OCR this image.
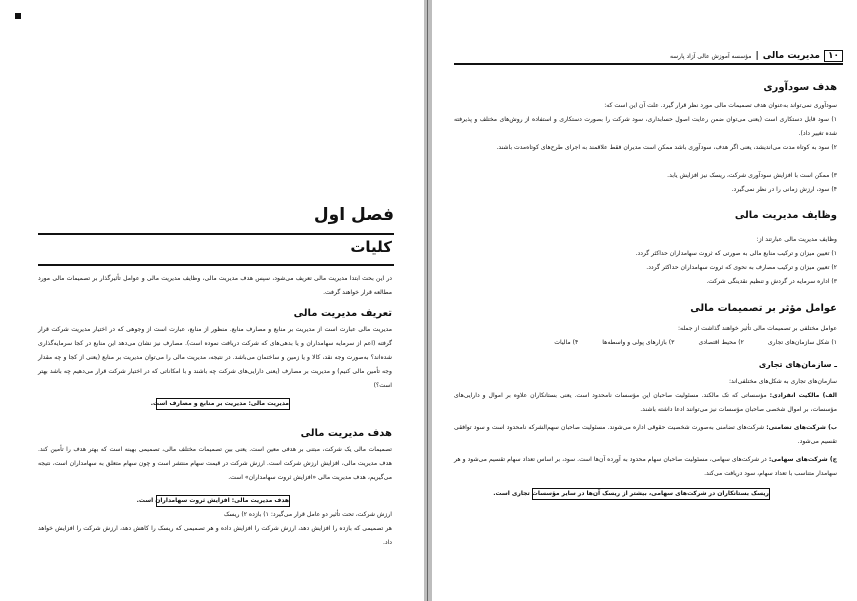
فصل اول
کلیات
در این بحث ابتدا مدیریت مالی تعریف می‌شود، سپس هدف مدیریت مالی، وظایف مدیریت مالی و عوامل تأثیرگذار بر تصمیمات مالی مورد مطالعه قرار خواهند گرفت.
تعریف مدیریت مالی
مدیریت مالی عبارت است از مدیریت بر منابع و مصارف منابع. منظور از منابع، عبارت است از وجوهی که در اختیار مدیریت شرکت قرار گرفته (اعم از سرمایه سهامداران و یا بدهی‌های که شرکت دریافت نموده است). مصارف نیز نشان می‌دهد این منابع در کجا سرمایه‌گذاری شده‌اند؟ به‌صورت وجه نقد، کالا و یا زمین و ساختمان می‌باشد. در نتیجه، مدیریت مالی را می‌توان مدیریت بر منابع (یعنی از کجا و چه مقدار وجه تأمین مالی کنیم) و مدیریت بر مصارف (یعنی دارایی‌های شرکت چه باشند و با امکاناتی که در اختیار شرکت قرار می‌دهیم چه باشد بهتر است؟)
مدیریت مالی: مدیریت بر منابع و مصارف است.
هدف مدیریت مالی
تصمیمات مالی یک شرکت، مبتنی بر هدفی معین است. یعنی بین تصمیمات مختلف مالی، تصمیمی بهینه است که بهتر هدف را تأمین کند. هدف مدیریت مالی، افزایش ارزش شرکت است. ارزش شرکت در قیمت سهام منتشر است و چون سهام متعلق به سهامداران است، نتیجه می‌گیریم، هدف مدیریت مالی «افزایش ثروت سهامداران» است.
هدف مدیریت مالی: افزایش ثروت سهامداران است.
ارزش شرکت، تحت تأثیر دو عامل قرار می‌گیرد: ۱) بازده ۲) ریسک
هر تصمیمی که بازده را افزایش دهد، ارزش شرکت را افزایش داده و هر تصمیمی که ریسک را کاهش دهد، ارزش شرکت را افزایش خواهد داد.
۱۰
مدیریت مالی
|
مؤسسه آموزش عالی آزاد پارسه
هدف سودآوری
سودآوری نمی‌تواند به‌عنوان هدف تصمیمات مالی مورد نظر قرار گیرد. علت آن این است که:
۱) سود قابل دستکاری است (یعنی می‌توان ضمن رعایت اصول حسابداری، سود شرکت را بصورت دستکاری و استفاده از روش‌های مختلف و پذیرفته شده تغییر داد).
۲) سود به کوتاه مدت می‌اندیشد، یعنی اگر هدف، سودآوری باشد ممکن است مدیران فقط علاقمند به اجرای طرح‌های کوتاه‌مدت باشند.
۳) ممکن است با افزایش سودآوری شرکت، ریسک نیز افزایش یابد.
۴) سود، ارزش زمانی را در نظر نمی‌گیرد.
وظایف مدیریت مالی
وظایف مدیریت مالی عبارتند از:
۱) تعیین میزان و ترکیب منابع مالی به صورتی که ثروت سهامداران حداکثر گردد.
۲) تعیین میزان و ترکیب مصارف به نحوی که ثروت سهامداران حداکثر گردد.
۳) اداره سرمایه در گردش و تنظیم نقدینگی شرکت.
عوامل مؤثر بر تصمیمات مالی
عوامل مختلفی بر تصمیمات مالی تأثیر خواهند گذاشت از جمله:
۱) شکل سازمان‌های تجاری
۲) محیط اقتصادی
۳) بازارهای پولی و واسطه‌ها
۴) مالیات
ـ سازمان‌های تجاری
سازمان‌های تجاری به شکل‌های مختلفی‌اند:
الف) مالکیت انفرادی: مؤسساتی که تک مالکند. مسئولیت صاحبان این مؤسسات نامحدود است. یعنی بستانکاران علاوه بر اموال و دارایی‌های مؤسسات، بر اموال شخصی صاحبان مؤسسات نیز می‌توانند ادعا داشته باشند.
ب) شرکت‌های تضامنی: شرکت‌های تضامنی به‌صورت شخصیت حقوقی اداره می‌شوند. مسئولیت صاحبان سهم‌الشرکه نامحدود است و سود توافقی تقسیم می‌شود.
ج) شرکت‌های سهامی: در شرکت‌های سهامی، مسئولیت صاحبان سهام محدود به آورده آن‌ها است. سود، بر اساس تعداد سهام تقسیم می‌شود و هر سهامدار متناسب با تعداد سهام، سود دریافت می‌کند.
ریسک بستانکاران در شرکت‌های سهامی، بیشتر از ریسک آن‌ها در سایر مؤسسات تجاری است.
